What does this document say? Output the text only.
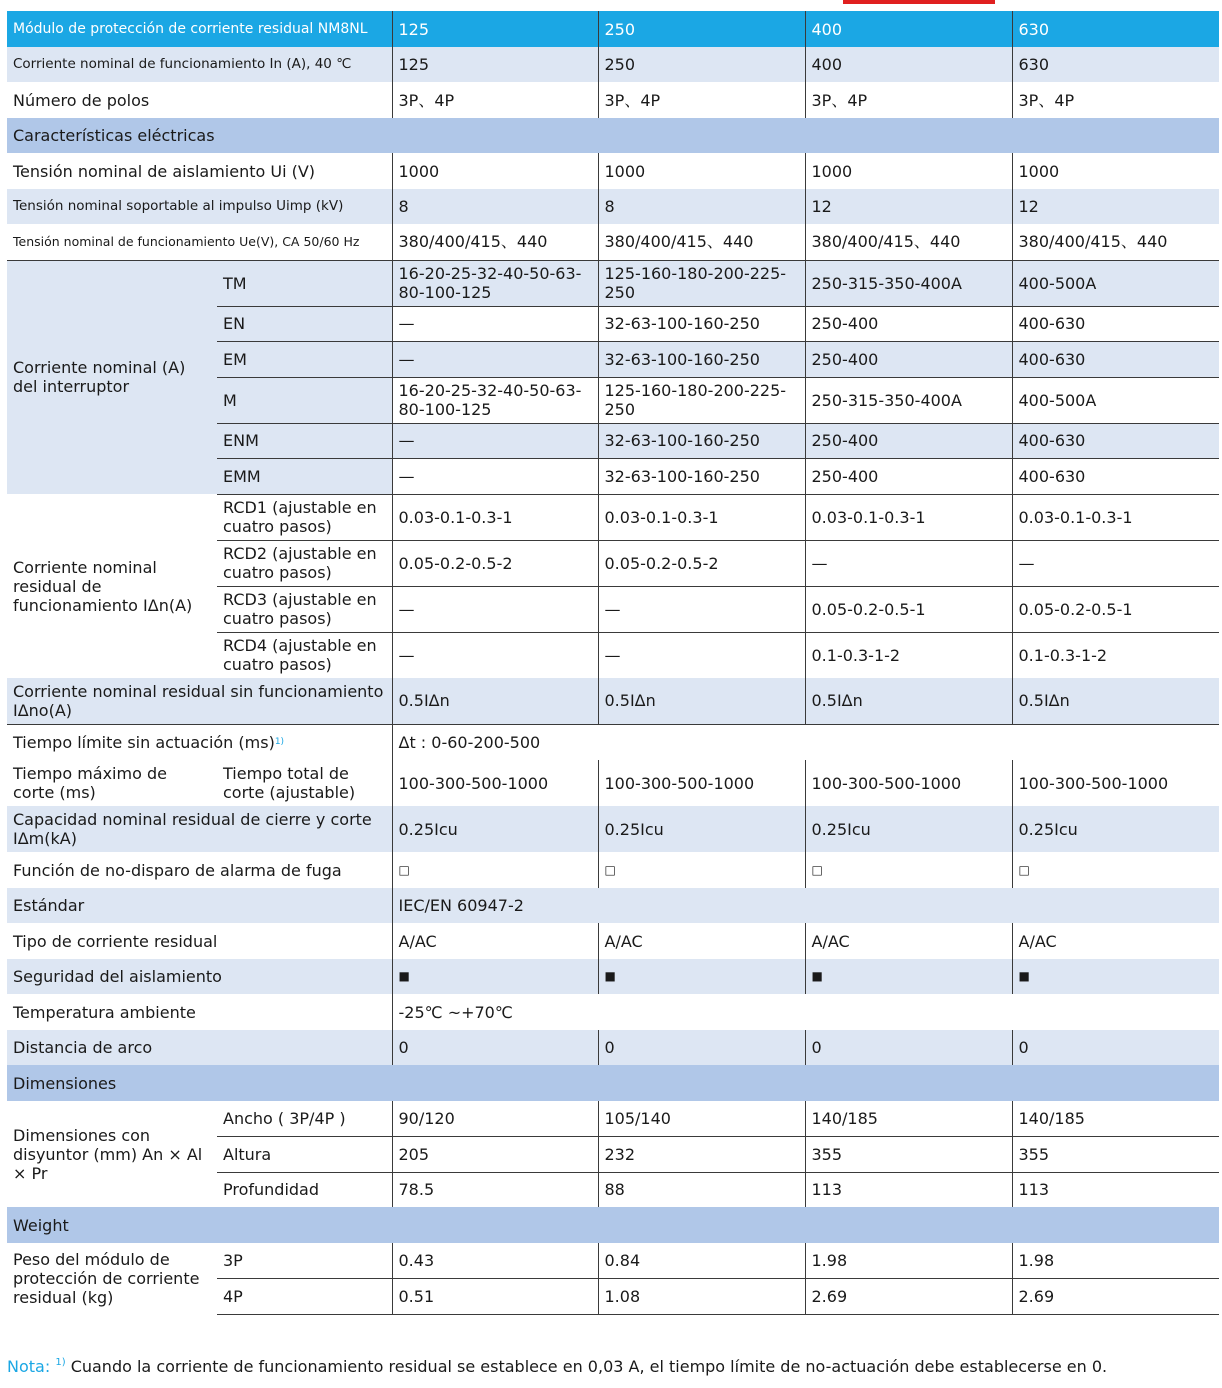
Módulo de protección de corriente residual NM8NL		125	250	400	630
Corriente nominal de funcionamiento In (A), 40 ℃		125	250	400	630
Número de polos		3P、4P	3P、4P	3P、4P	3P、4P
Características eléctricas					
Tensión nominal de aislamiento Ui (V)		1000	1000	1000	1000
Tensión nominal soportable al impulso Uimp (kV)		8	8	12	12
Tensión nominal de funcionamiento Ue(V), CA 50/60 Hz		380/400/415、440	380/400/415、440	380/400/415、440	380/400/415、440
Corriente nominal (A) del interruptor	TM	16-20-25-32-40-50-63-80-100-125	125-160-180-200-225-250	250-315-350-400A	400-500A
	EN	—	32-63-100-160-250	250-400	400-630
	EM	—	32-63-100-160-250	250-400	400-630
	M	16-20-25-32-40-50-63-80-100-125	125-160-180-200-225-250	250-315-350-400A	400-500A
	ENM	—	32-63-100-160-250	250-400	400-630
	EMM	—	32-63-100-160-250	250-400	400-630
Corriente nominal residual de funcionamiento IΔn(A)	RCD1 (ajustable en cuatro pasos)	0.03-0.1-0.3-1	0.03-0.1-0.3-1	0.03-0.1-0.3-1	0.03-0.1-0.3-1
	RCD2 (ajustable en cuatro pasos)	0.05-0.2-0.5-2	0.05-0.2-0.5-2	—	—
	RCD3 (ajustable en cuatro pasos)	—	—	0.05-0.2-0.5-1	0.05-0.2-0.5-1
	RCD4 (ajustable en cuatro pasos)	—	—	0.1-0.3-1-2	0.1-0.3-1-2
Corriente nominal residual sin funcionamiento IΔno(A)		0.5IΔn	0.5IΔn	0.5IΔn	0.5IΔn
Tiempo límite sin actuación (ms)$^{1)}$		Δt : 0-60-200-500			
Tiempo máximo de corte (ms)	Tiempo total de corte (ajustable)	100-300-500-1000	100-300-500-1000	100-300-500-1000	100-300-500-1000
Capacidad nominal residual de cierre y corte IΔm(kA)		0.25Icu	0.25Icu	0.25Icu	0.25Icu
Función de no-disparo de alarma de fuga		□	□	□	□
Estándar		IEC/EN 60947-2			
Tipo de corriente residual		A/AC	A/AC	A/AC	A/AC
Seguridad del aislamiento		■	■	■	■
Temperatura ambiente		-25℃ ~+70℃			
Distancia de arco		0	0	0	0
Dimensiones					
Dimensiones con disyuntor (mm) An × Al × Pr	Ancho ( 3P/4P )	90/120	105/140	140/185	140/185
	Altura	205	232	355	355
	Profundidad	78.5	88	113	113
Weight					
Peso del módulo de protección de corriente residual (kg)	3P	0.43	0.84	1.98	1.98
	4P	0.51	1.08	2.69	2.69
Nota: $^{1)}$ Cuando la corriente de funcionamiento residual se establece en 0,03 A, el tiempo límite de no-actuación debe establecerse en 0.
